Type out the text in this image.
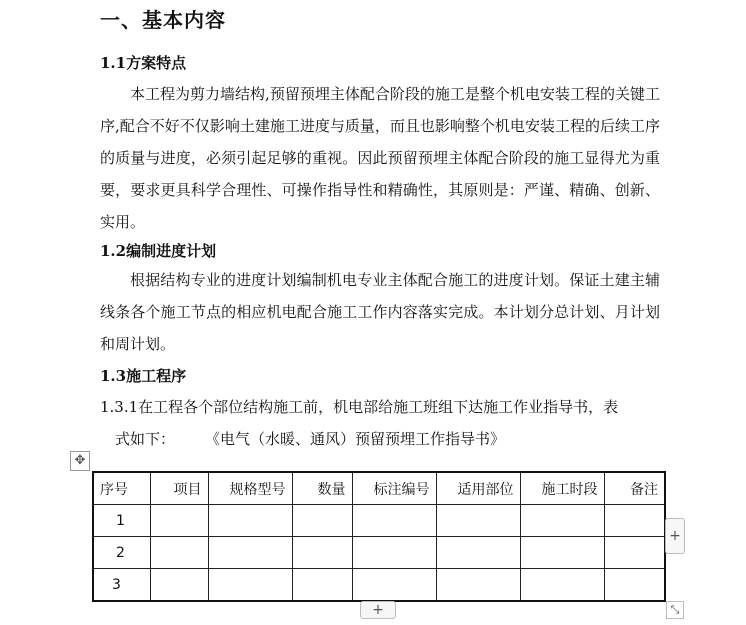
一、基本内容
1.1方案特点
本工程为剪力墙结构,预留预埋主体配合阶段的施工是整个机电安装工程的关键工序,配合不好不仅影响土建施工进度与质量，而且也影响整个机电安装工程的后续工序的质量与进度，必须引起足够的重视。因此预留预埋主体配合阶段的施工显得尤为重要，要求更具科学合理性、可操作指导性和精确性，其原则是：严谨、精确、创新、实用。
1.2编制进度计划
根据结构专业的进度计划编制机电专业主体配合施工的进度计划。保证土建主辅线条各个施工节点的相应机电配合施工工作内容落实完成。本计划分总计划、月计划和周计划。
1.3施工程序
1.3.1在工程各个部位结构施工前，机电部给施工班组下达施工作业指导书，表
式如下： 《电气（水暖、通风）预留预埋工作指导书》
✥
序号	项目	规格型号	数量	标注编号	适用部位	施工时段	备注
1							
2							
3							
+
+	⤡
